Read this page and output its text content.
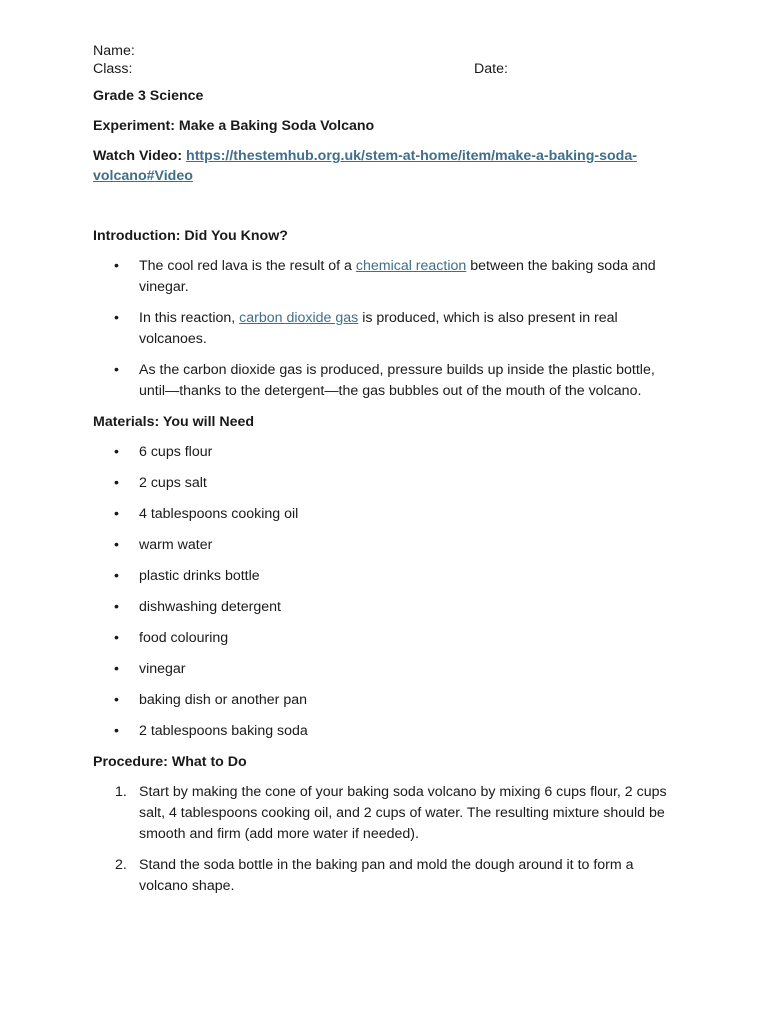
Name:
Class:	Date:
Grade 3 Science
Experiment: Make a Baking Soda Volcano
Watch Video: https://thestemhub.org.uk/stem-at-home/item/make-a-baking-soda-volcano#Video
Introduction: Did You Know?
• The cool red lava is the result of a chemical reaction between the baking soda and vinegar.
• In this reaction, carbon dioxide gas is produced, which is also present in real volcanoes.
• As the carbon dioxide gas is produced, pressure builds up inside the plastic bottle, until—thanks to the detergent—the gas bubbles out of the mouth of the volcano.
Materials: You will Need
• 6 cups flour
• 2 cups salt
• 4 tablespoons cooking oil
• warm water
• plastic drinks bottle
• dishwashing detergent
• food colouring
• vinegar
• baking dish or another pan
• 2 tablespoons baking soda
Procedure: What to Do
1. Start by making the cone of your baking soda volcano by mixing 6 cups flour, 2 cups salt, 4 tablespoons cooking oil, and 2 cups of water. The resulting mixture should be smooth and firm (add more water if needed).
2. Stand the soda bottle in the baking pan and mold the dough around it to form a volcano shape.
